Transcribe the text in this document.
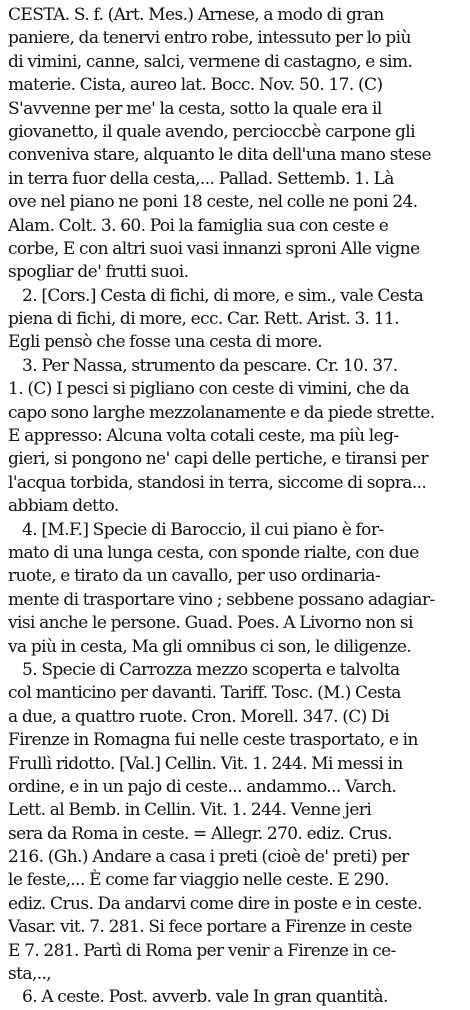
CESTA. S. f. (Art. Mes.) Arnese, a modo di gran
paniere, da tenervi entro robe, intessuto per lo più
di vimini, canne, salci, vermene di castagno, e sim.
materie. Cista, aureo lat. Bocc. Nov. 50. 17. (C)
S'avvenne per me' la cesta, sotto la quale era il
giovanetto, il quale avendo, percioccbè carpone gli
conveniva stare, alquanto le dita dell'una mano stese
in terra fuor della cesta,... Pallad. Settemb. 1. Là
ove nel piano ne poni 18 ceste, nel colle ne poni 24.
Alam. Colt. 3. 60. Poi la famiglia sua con ceste e
corbe, E con altri suoi vasi innanzi sproni Alle vigne
spogliar de' frutti suoi.
2. [Cors.] Cesta di fichi, di more, e sim., vale Cesta
piena di fichi, di more, ecc. Car. Rett. Arist. 3. 11.
Egli pensò che fosse una cesta di more.
3. Per Nassa, strumento da pescare. Cr. 10. 37.
1. (C) I pesci si pigliano con ceste di vimini, che da
capo sono larghe mezzolanamente e da piede strette.
E appresso: Alcuna volta cotali ceste, ma più leg-
gieri, si pongono ne' capi delle pertiche, e tiransi per
l'acqua torbida, standosi in terra, siccome di sopra...
abbiam detto.
4. [M.F.] Specie di Baroccio, il cui piano è for-
mato di una lunga cesta, con sponde rialte, con due
ruote, e tirato da un cavallo, per uso ordinaria-
mente di trasportare vino ; sebbene possano adagiar-
visi anche le persone. Guad. Poes. A Livorno non si
va più in cesta, Ma gli omnibus ci son, le diligenze.
5. Specie di Carrozza mezzo scoperta e talvolta
col manticino per davanti. Tariff. Tosc. (M.) Cesta
a due, a quattro ruote. Cron. Morell. 347. (C) Di
Firenze in Romagna fui nelle ceste trasportato, e in
Frullì ridotto. [Val.] Cellin. Vit. 1. 244. Mi messi in
ordine, e in un pajo di ceste... andammo... Varch.
Lett. al Bemb. in Cellin. Vit. 1. 244. Venne jeri
sera da Roma in ceste. = Allegr. 270. ediz. Crus.
216. (Gh.) Andare a casa i preti (cioè de' preti) per
le feste,... È come far viaggio nelle ceste. E 290.
ediz. Crus. Da andarvi come dire in poste e in ceste.
Vasar. vit. 7. 281. Si fece portare a Firenze in ceste
E 7. 281. Partì di Roma per venir a Firenze in ce-
sta,..,
6. A ceste. Post. avverb. vale In gran quantità.
